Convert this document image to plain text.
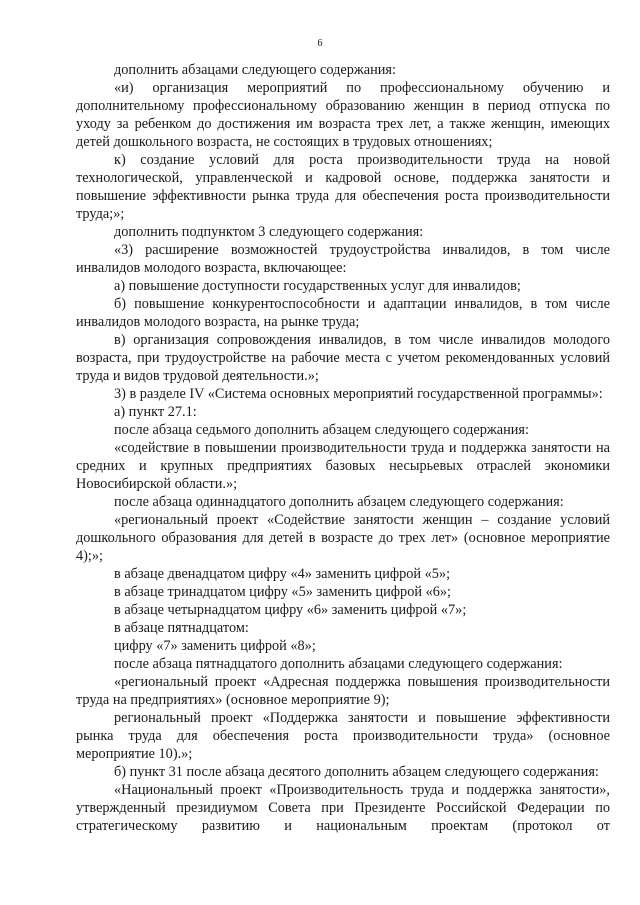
6

дополнить абзацами следующего содержания:

«и) организация мероприятий по профессиональному обучению и дополнительному профессиональному образованию женщин в период отпуска по уходу за ребенком до достижения им возраста трех лет, а также женщин, имеющих детей дошкольного возраста, не состоящих в трудовых отношениях;

к) создание условий для роста производительности труда на новой технологической, управленческой и кадровой основе, поддержка занятости и повышение эффективности рынка труда для обеспечения роста производительности труда;»;

дополнить подпунктом 3 следующего содержания:

«3) расширение возможностей трудоустройства инвалидов, в том числе инвалидов молодого возраста, включающее:

а) повышение доступности государственных услуг для инвалидов;

б) повышение конкурентоспособности и адаптации инвалидов, в том числе инвалидов молодого возраста, на рынке труда;

в) организация сопровождения инвалидов, в том числе инвалидов молодого возраста, при трудоустройстве на рабочие места с учетом рекомендованных условий труда и видов трудовой деятельности.»;

3) в разделе IV «Система основных мероприятий государственной программы»:

а) пункт 27.1:

после абзаца седьмого дополнить абзацем следующего содержания:

«содействие в повышении производительности труда и поддержка занятости на средних и крупных предприятиях базовых несырьевых отраслей экономики Новосибирской области.»;

после абзаца одиннадцатого дополнить абзацем следующего содержания:

«региональный проект «Содействие занятости женщин – создание условий дошкольного образования для детей в возрасте до трех лет» (основное мероприятие 4);»;

в абзаце двенадцатом цифру «4» заменить цифрой «5»;

в абзаце тринадцатом цифру «5» заменить цифрой «6»;

в абзаце четырнадцатом цифру «6» заменить цифрой «7»;

в абзаце пятнадцатом:

цифру «7» заменить цифрой «8»;

после абзаца пятнадцатого дополнить абзацами следующего содержания:

«региональный проект «Адресная поддержка повышения производительности труда на предприятиях» (основное мероприятие 9);

региональный проект «Поддержка занятости и повышение эффективности рынка труда для обеспечения роста производительности труда» (основное мероприятие 10).»;

б) пункт 31 после абзаца десятого дополнить абзацем следующего содержания:

«Национальный проект «Производительность труда и поддержка занятости», утвержденный президиумом Совета при Президенте Российской Федерации по стратегическому развитию и национальным проектам (протокол от
